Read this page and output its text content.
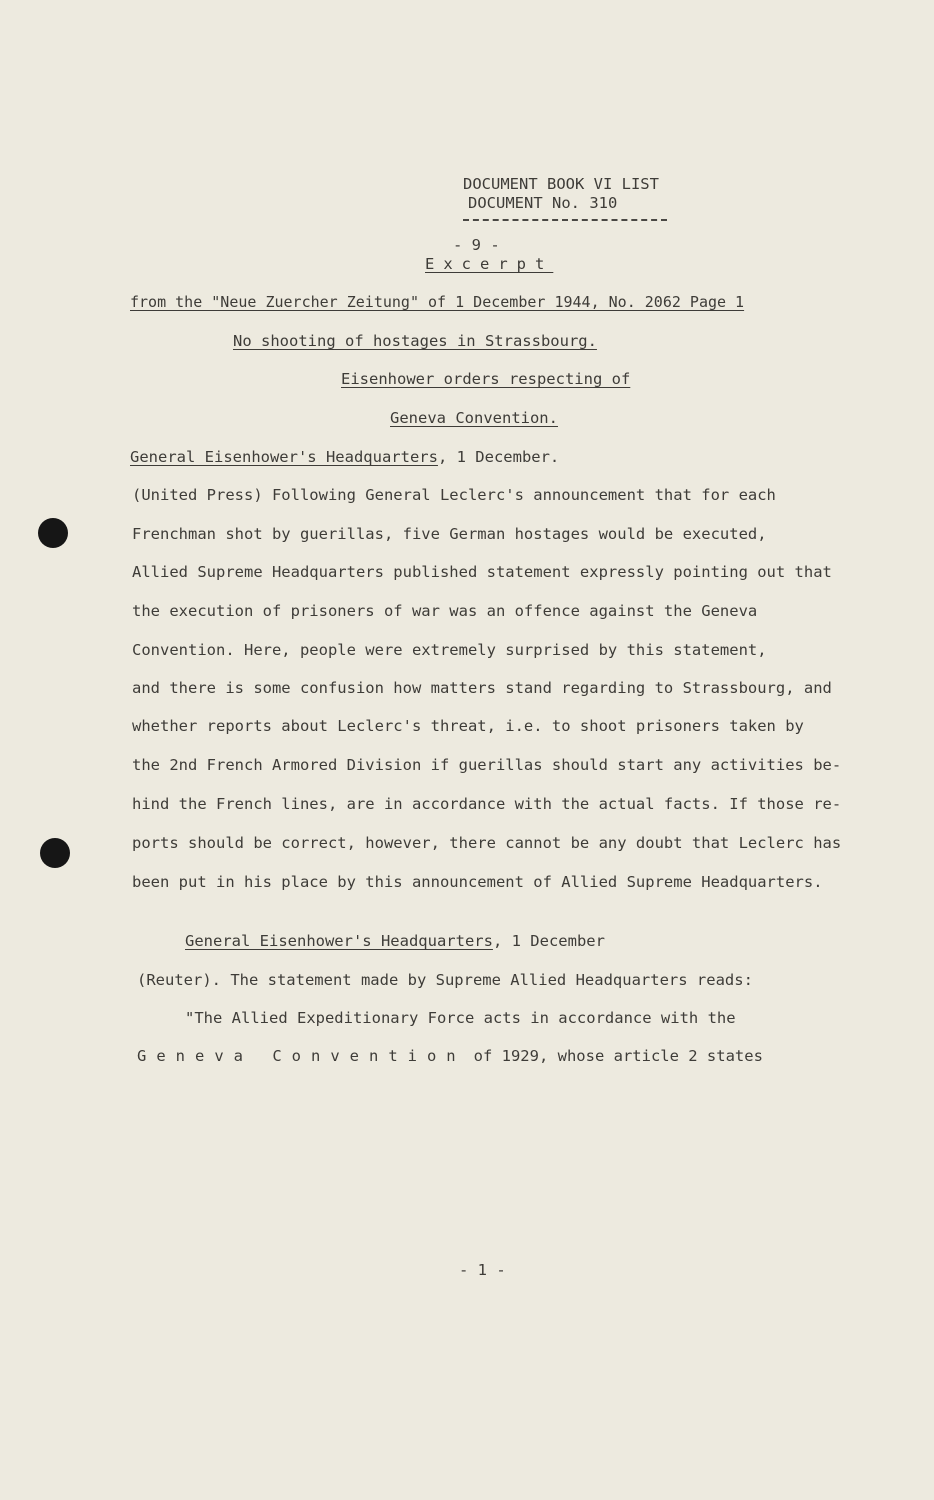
DOCUMENT BOOK VI LIST
DOCUMENT No. 310
- 9 -
Excerpt
from the "Neue Zuercher Zeitung" of 1 December 1944, No. 2062 Page 1
No shooting of hostages in Strassbourg.
Eisenhower orders respecting of
Geneva Convention.
General Eisenhower's Headquarters, 1 December.
(United Press) Following General Leclerc's announcement that for each
Frenchman shot by guerillas, five German hostages would be executed,
Allied Supreme Headquarters published statement expressly pointing out that
the execution of prisoners of war was an offence against the Geneva
Convention. Here, people were extremely surprised by this statement,
and there is some confusion how matters stand regarding to Strassbourg, and
whether reports about Leclerc's threat, i.e. to shoot prisoners taken by
the 2nd French Armored Division if guerillas should start any activities be-
hind the French lines, are in accordance with the actual facts. If those re-
ports should be correct, however, there cannot be any doubt that Leclerc has
been put in his place by this announcement of Allied Supreme Headquarters.
General Eisenhower's Headquarters, 1 December
(Reuter). The statement made by Supreme Allied Headquarters reads:
"The Allied Expeditionary Force acts in accordance with the
Geneva Convention of 1929, whose article 2 states
- 1 -
